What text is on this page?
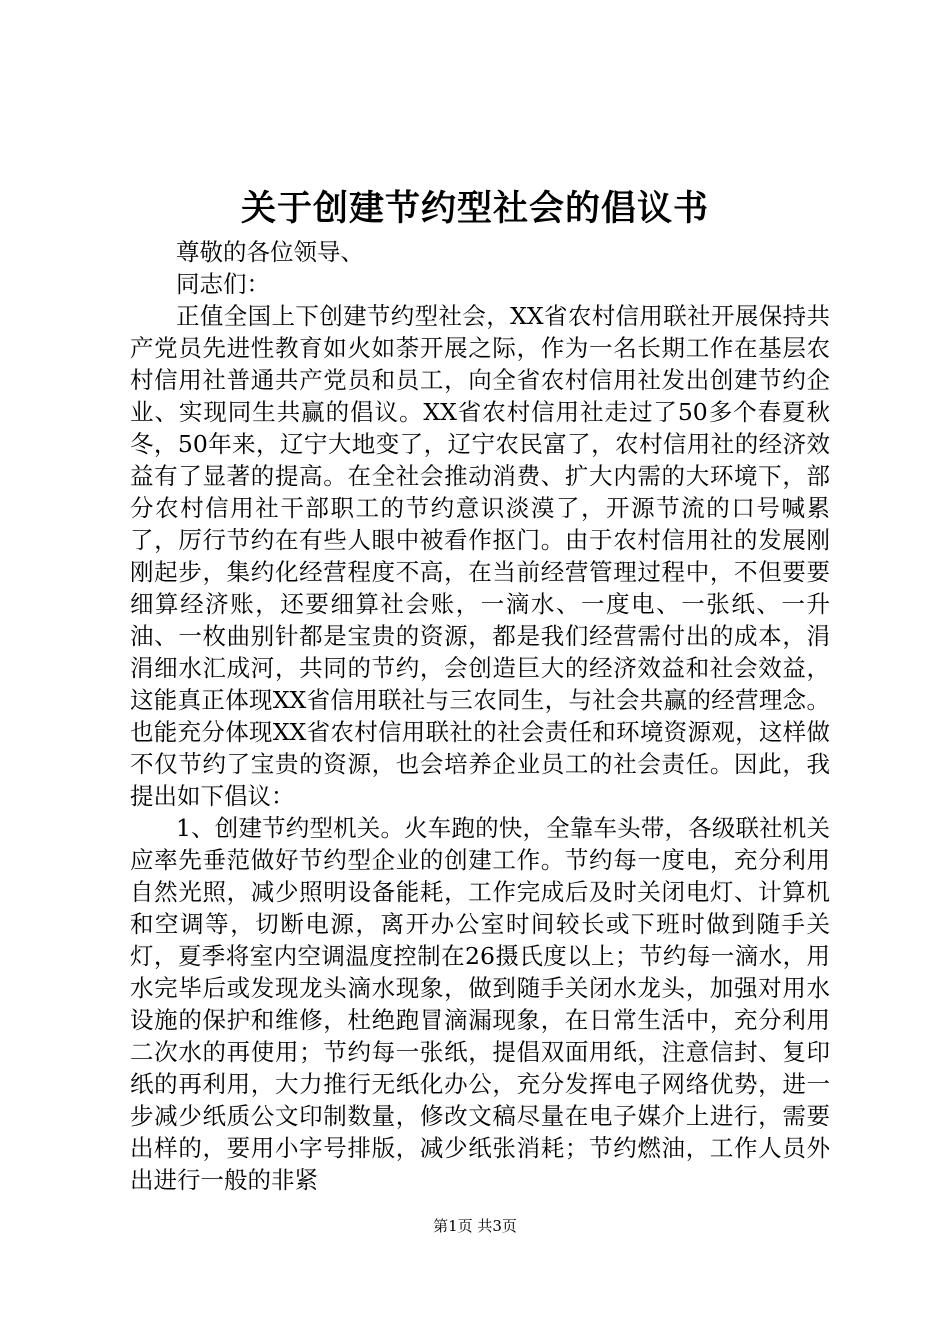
关于创建节约型社会的倡议书

尊敬的各位领导、

同志们：

正值全国上下创建节约型社会，XX省农村信用联社开展保持共产党员先进性教育如火如荼开展之际，作为一名长期工作在基层农村信用社普通共产党员和员工，向全省农村信用社发出创建节约企业、实现同生共赢的倡议。XX省农村信用社走过了50多个春夏秋冬，50年来，辽宁大地变了，辽宁农民富了，农村信用社的经济效益有了显著的提高。在全社会推动消费、扩大内需的大环境下，部分农村信用社干部职工的节约意识淡漠了，开源节流的口号喊累了，厉行节约在有些人眼中被看作抠门。由于农村信用社的发展刚刚起步，集约化经营程度不高，在当前经营管理过程中，不但要要细算经济账，还要细算社会账，一滴水、一度电、一张纸、一升油、一枚曲别针都是宝贵的资源，都是我们经营需付出的成本，涓涓细水汇成河，共同的节约，会创造巨大的经济效益和社会效益，这能真正体现XX省信用联社与三农同生，与社会共赢的经营理念。也能充分体现XX省农村信用联社的社会责任和环境资源观，这样做不仅节约了宝贵的资源，也会培养企业员工的社会责任。因此，我提出如下倡议：

1、创建节约型机关。火车跑的快，全靠车头带，各级联社机关应率先垂范做好节约型企业的创建工作。节约每一度电，充分利用自然光照，减少照明设备能耗，工作完成后及时关闭电灯、计算机和空调等，切断电源，离开办公室时间较长或下班时做到随手关灯，夏季将室内空调温度控制在26摄氏度以上；节约每一滴水，用水完毕后或发现龙头滴水现象，做到随手关闭水龙头，加强对用水设施的保护和维修，杜绝跑冒滴漏现象，在日常生活中，充分利用二次水的再使用；节约每一张纸，提倡双面用纸，注意信封、复印纸的再利用，大力推行无纸化办公，充分发挥电子网络优势，进一步减少纸质公文印制数量，修改文稿尽量在电子媒介上进行，需要出样的，要用小字号排版，减少纸张消耗；节约燃油，工作人员外出进行一般的非紧

第1页 共3页
